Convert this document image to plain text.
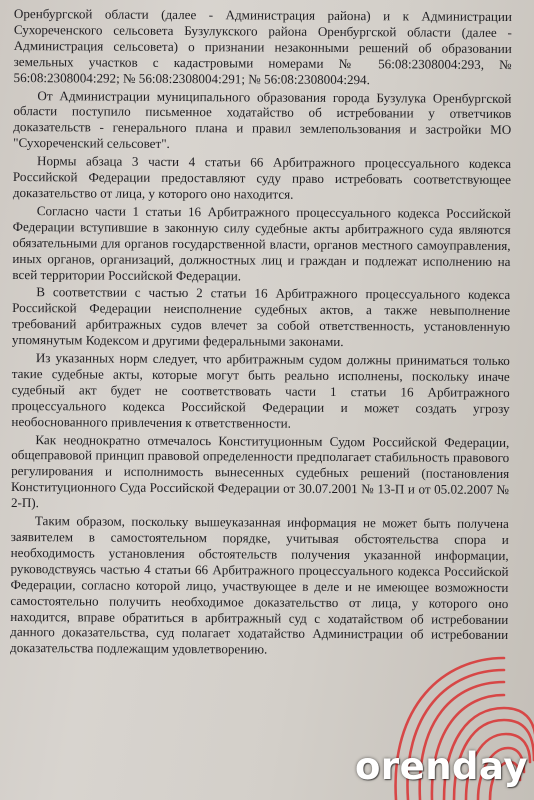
Оренбургской области (далее - Администрация района) и к Администрации Сухореченского сельсовета Бузулукского района Оренбургской области (далее - Администрация сельсовета) о признании незаконными решений об образовании земельных участков с кадастровыми номерами № 56:08:2308004:293, № 56:08:2308004:292; № 56:08:2308004:291; № 56:08:2308004:294.

От Администрации муниципального образования города Бузулука Оренбургской области поступило письменное ходатайство об истребовании у ответчиков доказательств - генерального плана и правил землепользования и застройки МО "Сухореченский сельсовет".

Нормы абзаца 3 части 4 статьи 66 Арбитражного процессуального кодекса Российской Федерации предоставляют суду право истребовать соответствующее доказательство от лица, у которого оно находится.

Согласно части 1 статьи 16 Арбитражного процессуального кодекса Российской Федерации вступившие в законную силу судебные акты арбитражного суда являются обязательными для органов государственной власти, органов местного самоуправления, иных органов, организаций, должностных лиц и граждан и подлежат исполнению на всей территории Российской Федерации.

В соответствии с частью 2 статьи 16 Арбитражного процессуального кодекса Российской Федерации неисполнение судебных актов, а также невыполнение требований арбитражных судов влечет за собой ответственность, установленную упомянутым Кодексом и другими федеральными законами.

Из указанных норм следует, что арбитражным судом должны приниматься только такие судебные акты, которые могут быть реально исполнены, поскольку иначе судебный акт будет не соответствовать части 1 статьи 16 Арбитражного процессуального кодекса Российской Федерации и может создать угрозу необоснованного привлечения к ответственности.

Как неоднократно отмечалось Конституционным Судом Российской Федерации, общеправовой принцип правовой определенности предполагает стабильность правового регулирования и исполнимость вынесенных судебных решений (постановления Конституционного Суда Российской Федерации от 30.07.2001 № 13-П и от 05.02.2007 № 2-П).

Таким образом, поскольку вышеуказанная информация не может быть получена заявителем в самостоятельном порядке, учитывая обстоятельства спора и необходимость установления обстоятельств получения указанной информации, руководствуясь частью 4 статьи 66 Арбитражного процессуального кодекса Российской Федерации, согласно которой лицо, участвующее в деле и не имеющее возможности самостоятельно получить необходимое доказательство от лица, у которого оно находится, вправе обратиться в арбитражный суд с ходатайством об истребовании данного доказательства, суд полагает ходатайство Администрации об истребовании доказательства подлежащим удовлетворению.

orenday
